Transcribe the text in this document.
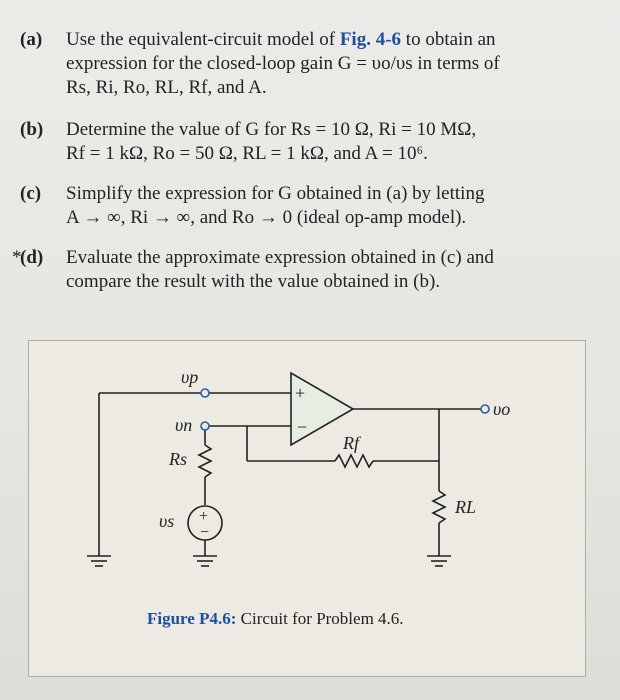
(a) Use the equivalent-circuit model of Fig. 4-6 to obtain an
expression for the closed-loop gain G = υo/υs in terms of
Rs, Ri, Ro, RL, Rf, and A.
(b) Determine the value of G for Rs = 10 Ω, Ri = 10 MΩ,
Rf = 1 kΩ, Ro = 50 Ω, RL = 1 kΩ, and A = 10⁶.
(c) Simplify the expression for G obtained in (a) by letting
A → ∞, Ri → ∞, and Ro → 0 (ideal op-amp model).
*
(d) Evaluate the approximate expression obtained in (c) and
compare the result with the value obtained in (b).
υp
υn
Rs
υs
Rf
υo
RL
+
−
+
−
Figure P4.6: Circuit for Problem 4.6.
